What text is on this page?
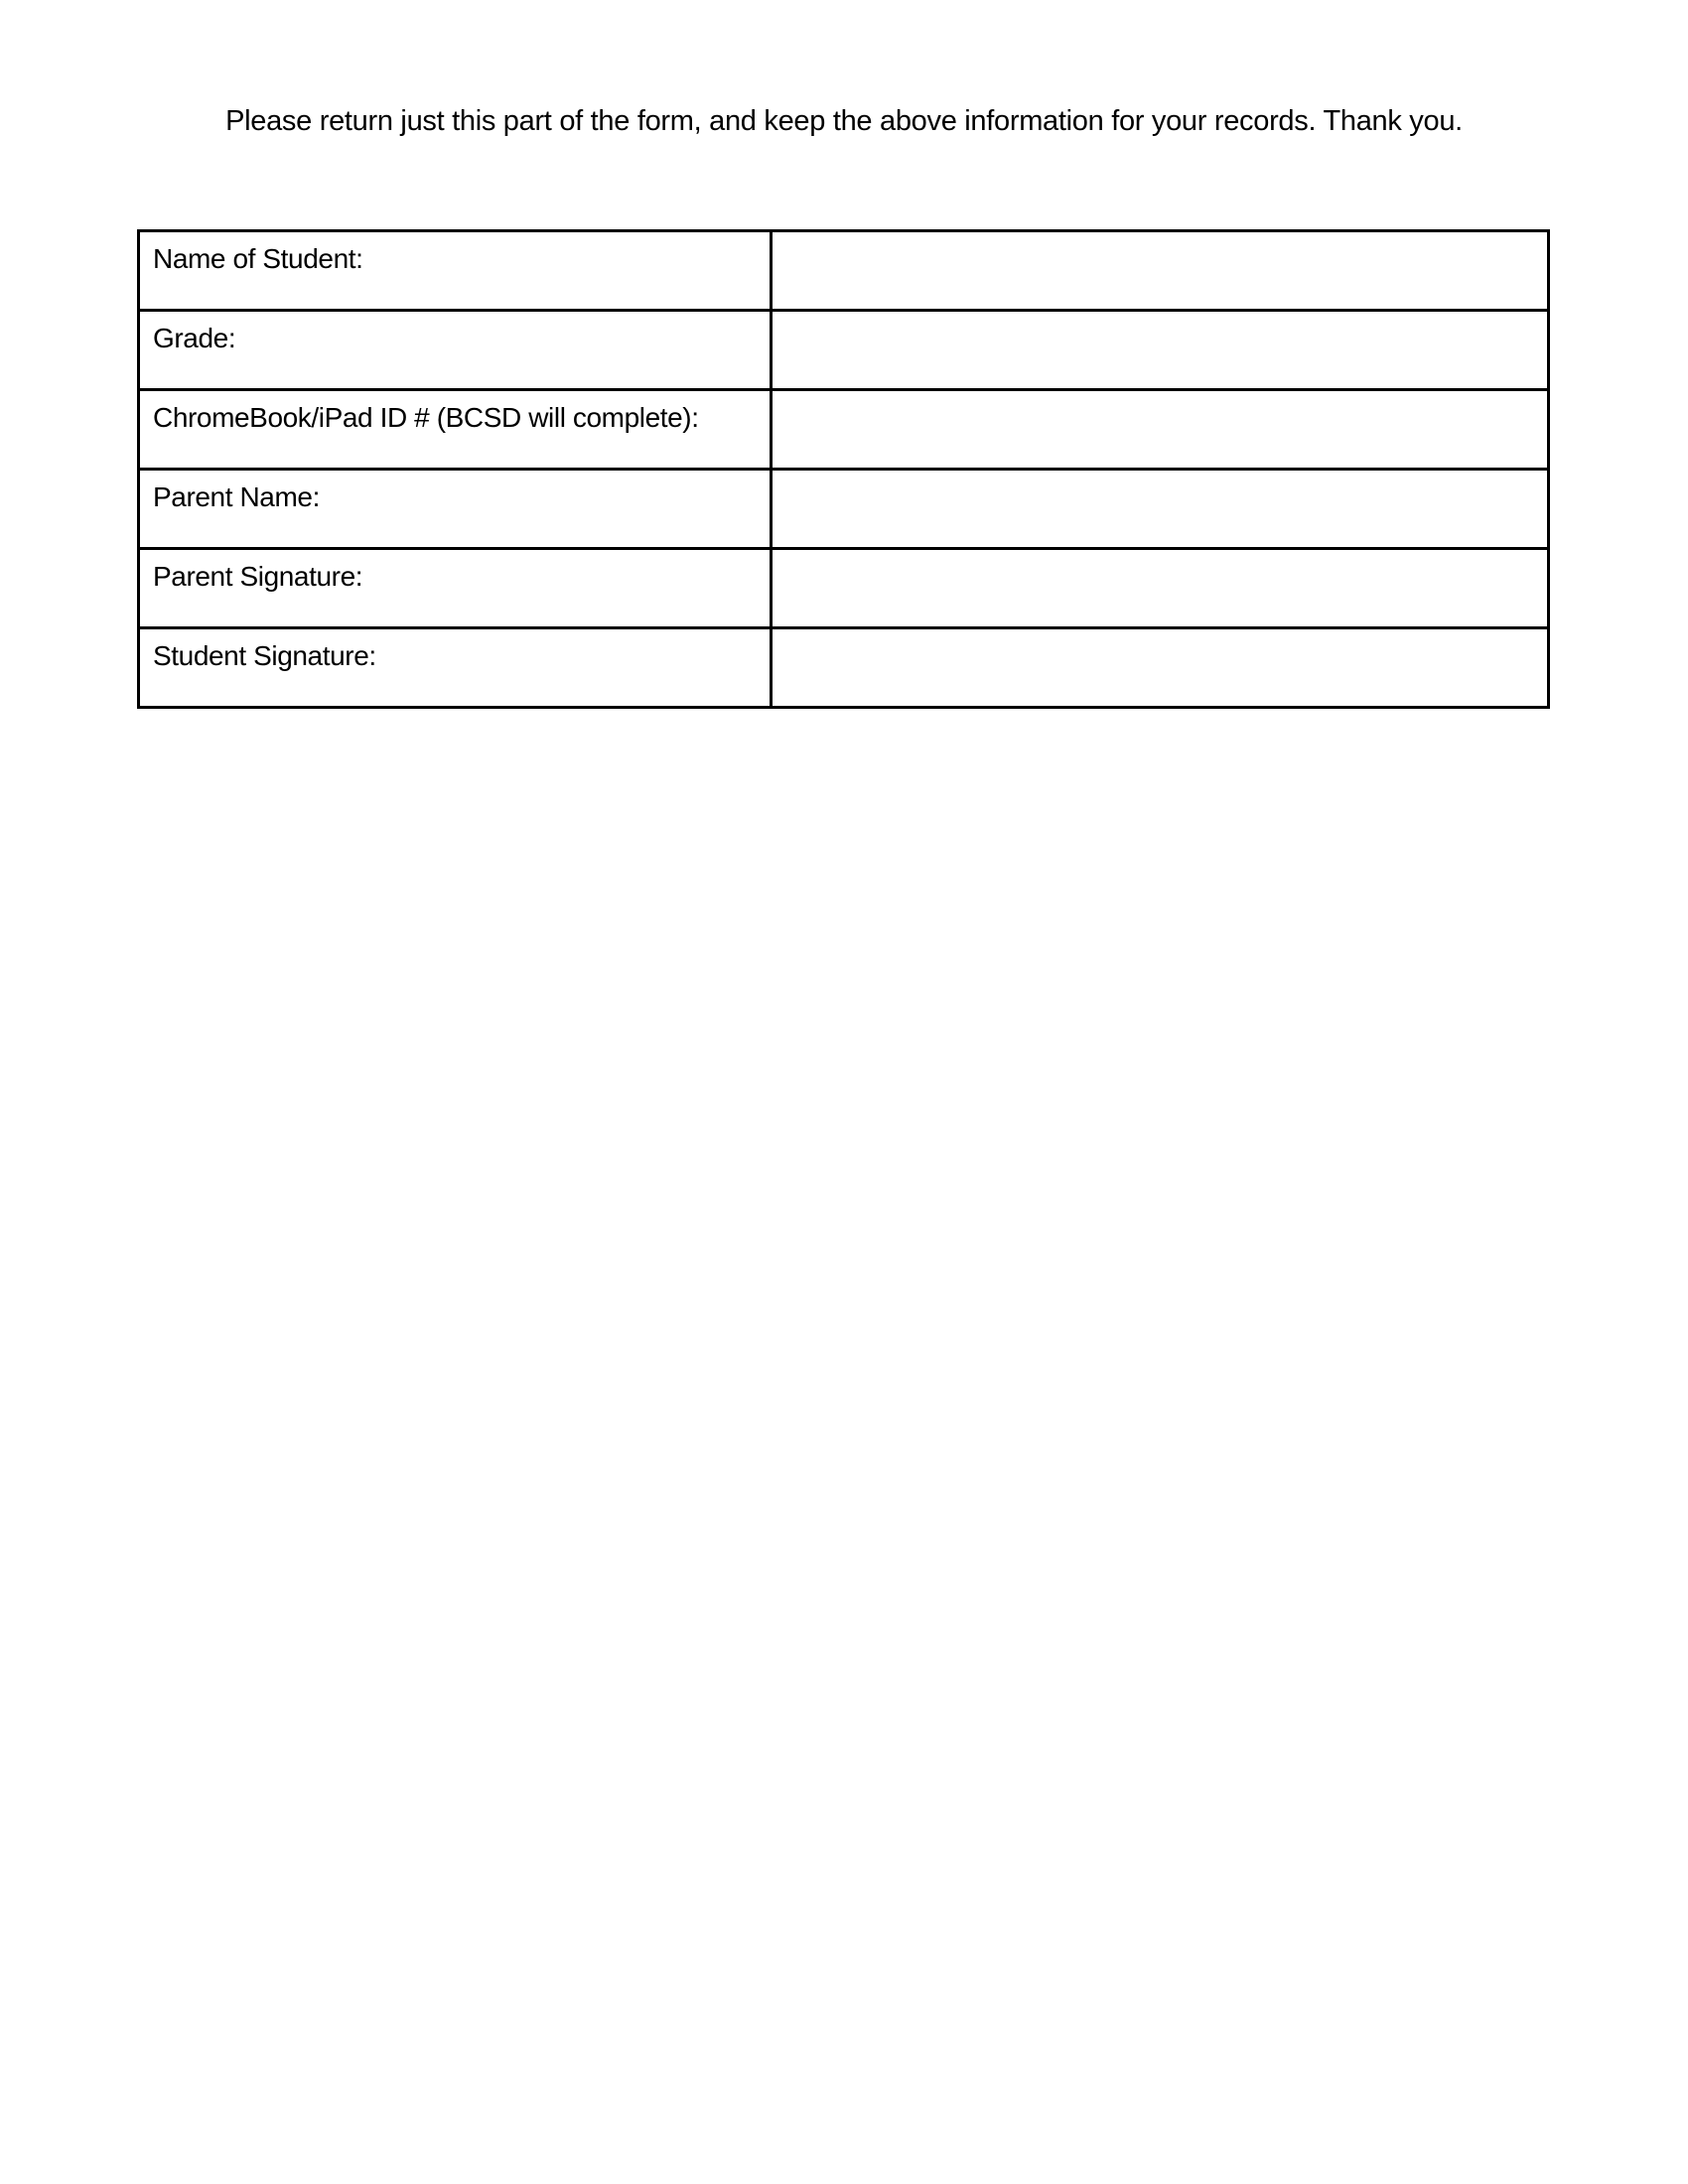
Please return just this part of the form, and keep the above information for your records. Thank you.
Name of Student:	

Grade:	

ChromeBook/iPad ID # (BCSD will complete):	

Parent Name:	

Parent Signature:	

Student Signature:	
